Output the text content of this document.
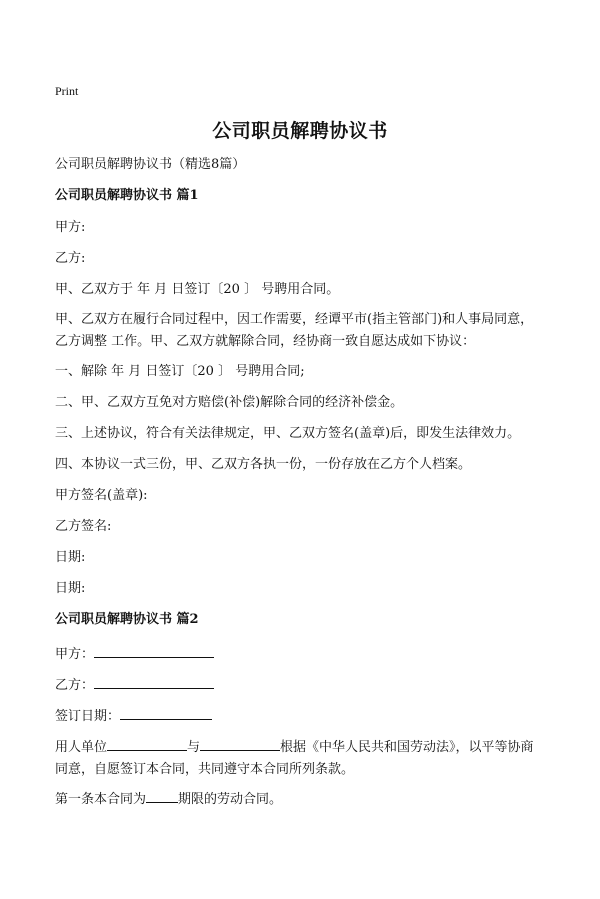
Print
公司职员解聘协议书
公司职员解聘协议书（精选8篇）
公司职员解聘协议书 篇1
甲方:
乙方:
甲、乙双方于 年 月 日签订〔20 〕 号聘用合同。
甲、乙双方在履行合同过程中，因工作需要，经谭平市(指主管部门)和人事局同意，乙方调整 工作。甲、乙双方就解除合同，经协商一致自愿达成如下协议：
一、解除 年 月 日签订〔20 〕 号聘用合同;
二、甲、乙双方互免对方赔偿(补偿)解除合同的经济补偿金。
三、上述协议，符合有关法律规定，甲、乙双方签名(盖章)后，即发生法律效力。
四、本协议一式三份，甲、乙双方各执一份，一份存放在乙方个人档案。
甲方签名(盖章):
乙方签名:
日期:
日期:
公司职员解聘协议书 篇2
甲方：
乙方：
签订日期：
用人单位	与	根据《中华人民共和国劳动法》，以平等协商同意，自愿签订本合同，共同遵守本合同所列条款。
第一条本合同为 期限的劳动合同。
